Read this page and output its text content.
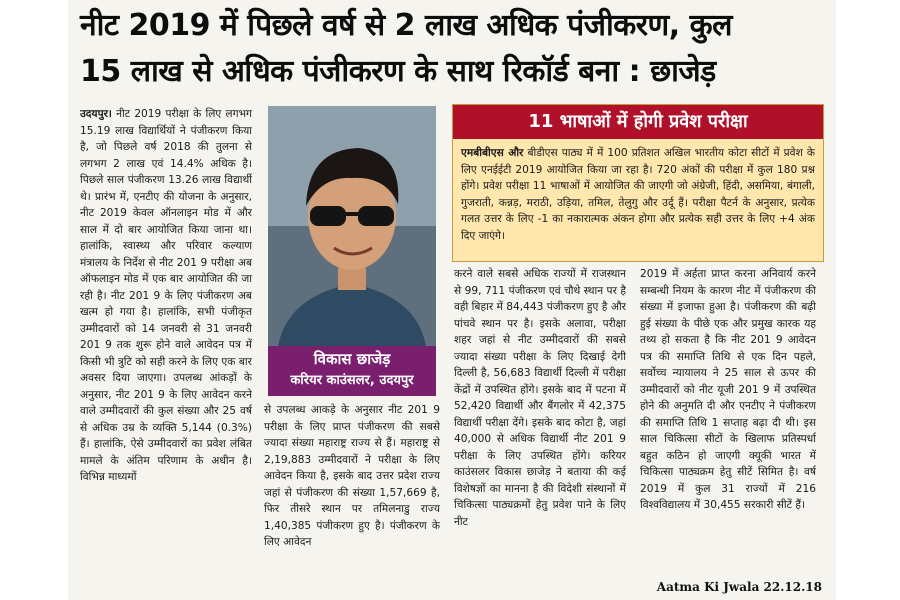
नीट 2019 में पिछले वर्ष से 2 लाख अधिक पंजीकरण, कुल
15 लाख से अधिक पंजीकरण के साथ रिकॉर्ड बना : छाजेड़

उदयपुर। नीट 2019 परीक्षा के लिए लगभग 15.19 लाख विद्यार्थियों ने पंजीकरण किया है, जो पिछले वर्ष 2018 की तुलना से लगभग 2 लाख एवं 14.4% अधिक है। पिछले साल पंजीकरण 13.26 लाख विद्यार्थी थे। प्रारंभ में, एनटीए की योजना के अनुसार, नीट 2019 केवल ऑनलाइन मोड में और साल में दो बार आयोजित किया जाना था। हालांकि, स्वास्थ्य और परिवार कल्याण मंत्रालय के निर्देश से नीट 201 9 परीक्षा अब ऑफलाइन मोड में एक बार आयोजित की जा रही है। नीट 201 9 के लिए पंजीकरण अब खत्म हो गया है। हालांकि, सभी पंजीकृत उम्मीदवारों को 14 जनवरी से 31 जनवरी 201 9 तक शुरू होने वाले आवेदन पत्र में किसी भी त्रुटि को सही करने के लिए एक बार अवसर दिया जाएगा। उपलब्ध आंकड़ों के अनुसार, नीट 201 9 के लिए आवेदन करने वाले उम्मीदवारों की कुल संख्या और 25 वर्ष से अधिक उम्र के व्यक्ति 5,144 (0.3%) हैं। हालांकि, ऐसे उम्मीदवारों का प्रवेश लंबित मामले के अंतिम परिणाम के अधीन है। विभिन्न माध्यमों

विकास छाजेड़
करियर काउंसलर, उदयपुर

से उपलब्ध आकड़े के अनुसार नीट 201 9 परीक्षा के लिए प्राप्त पंजीकरण की सबसे ज्यादा संख्या महाराष्ट्र राज्य से हैं। महाराष्ट्र से 2,19,883 उम्मीदवारों ने परीक्षा के लिए आवेदन किया है, इसके बाद उत्तर प्रदेश राज्य जहां से पंजीकरण की संख्या 1,57,669 है, फिर तीसरे स्थान पर तमिलनाडु राज्य 1,40,385 पंजीकरण हुए है। पंजीकरण के लिए आवेदन

11 भाषाओं में होगी प्रवेश परीक्षा

एमबीबीएस और बीडीएस पाठ्य में में 100 प्रतिशत अखिल भारतीय कोटा सीटों में प्रवेश के लिए एनईईटी 2019 आयोजित किया जा रहा है। 720 अंकों की परीक्षा में कुल 180 प्रश्न होंगे। प्रवेश परीक्षा 11 भाषाओं में आयोजित की जाएगी जो अंग्रेजी, हिंदी, असमिया, बंगाली, गुजराती, कन्नड़, मराठी, उड़िया, तमिल, तेलुगु और उर्दू हैं। परीक्षा पैटर्न के अनुसार, प्रत्येक गलत उत्तर के लिए -1 का नकारात्मक अंकन होगा और प्रत्येक सही उत्तर के लिए +4 अंक दिए जाएंगे।

करने वाले सबसे अधिक राज्यों में राजस्थान से 99, 711 पंजीकरण एवं चौथे स्थान पर है वही बिहार में 84,443 पंजीकरण हुए है और पांचवे स्थान पर है। इसके अलावा, परीक्षा शहर जहां से नीट उम्मीदवारों की सबसे ज्यादा संख्या परीक्षा के लिए दिखाई देगी दिल्ली है, 56,683 विद्यार्थी दिल्ली में परीक्षा केंद्रों में उपस्थित होंगे। इसके बाद में पटना में 52,420 विद्यार्थी और बैंगलोर में 42,375 विद्यार्थी परीक्षा देंगे। इसके बाद कोटा है, जहां 40,000 से अधिक विद्यार्थी नीट 201 9 परीक्षा के लिए उपस्थित होंगे। करियर काउंसलर विकास छाजेड़ ने बताया की कई विशेषज्ञों का मानना है की विदेशी संस्थानों में चिकित्सा पाठ्यक्रमों हेतु प्रवेश पाने के लिए नीट

2019 में अर्हता प्राप्त करना अनिवार्य करने सम्बन्धी नियम के कारण नीट में पंजीकरण की संख्या में इजाफा हुआ है। पंजीकरण की बढ़ी हुई संख्या के पीछे एक और प्रमुख कारक यह तथ्य हो सकता है कि नीट 201 9 आवेदन पत्र की समाप्ति तिथि से एक दिन पहले, सर्वोच्च न्यायालय ने 25 साल से ऊपर की उम्मीदवारों को नीट यूजी 201 9 में उपस्थित होने की अनुमति दी और एनटीए ने पंजीकरण की समाप्ति तिथि 1 सप्ताह बढ़ा दी थी। इस साल चिकित्सा सीटों के खिलाफ प्रतिस्पर्धा बहुत कठिन हो जाएगी क्यूकी भारत में चिकित्सा पाठ्यक्रम हेतु सीटें सिमित है। वर्ष 2019 में कुल 31 राज्यों में 216 विश्वविद्यालय में 30,455 सरकारी सीटें हैं।

Aatma Ki Jwala 22.12.18
